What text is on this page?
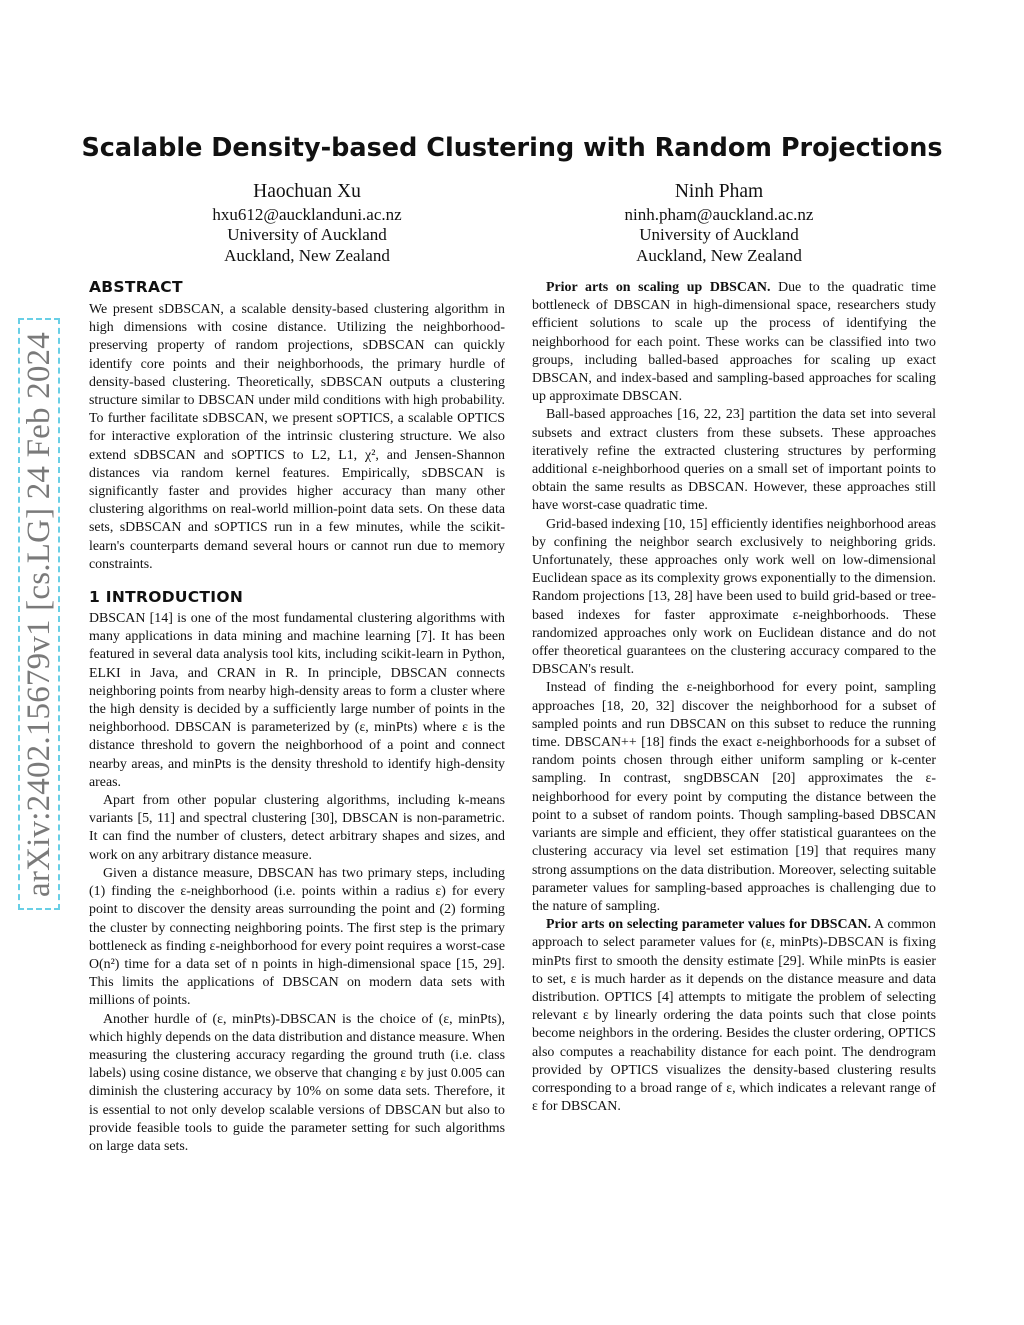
arXiv:2402.15679v1 [cs.LG] 24 Feb 2024
Scalable Density-based Clustering with Random Projections
Haochuan Xu
hxu612@aucklanduni.ac.nz
University of Auckland
Auckland, New Zealand
Ninh Pham
ninh.pham@auckland.ac.nz
University of Auckland
Auckland, New Zealand
ABSTRACT

We present sDBSCAN, a scalable density-based clustering algorithm in high dimensions with cosine distance. Utilizing the neighborhood-preserving property of random projections, sDBSCAN can quickly identify core points and their neighborhoods, the primary hurdle of density-based clustering. Theoretically, sDBSCAN outputs a clustering structure similar to DBSCAN under mild conditions with high probability. To further facilitate sDBSCAN, we present sOPTICS, a scalable OPTICS for interactive exploration of the intrinsic clustering structure. We also extend sDBSCAN and sOPTICS to L2, L1, χ², and Jensen-Shannon distances via random kernel features. Empirically, sDBSCAN is significantly faster and provides higher accuracy than many other clustering algorithms on real-world million-point data sets. On these data sets, sDBSCAN and sOPTICS run in a few minutes, while the scikit-learn's counterparts demand several hours or cannot run due to memory constraints.

1 INTRODUCTION

DBSCAN [14] is one of the most fundamental clustering algorithms with many applications in data mining and machine learning [7]. It has been featured in several data analysis tool kits, including scikit-learn in Python, ELKI in Java, and CRAN in R. In principle, DBSCAN connects neighboring points from nearby high-density areas to form a cluster where the high density is decided by a sufficiently large number of points in the neighborhood. DBSCAN is parameterized by (ε, minPts) where ε is the distance threshold to govern the neighborhood of a point and connect nearby areas, and minPts is the density threshold to identify high-density areas.

Apart from other popular clustering algorithms, including k-means variants [5, 11] and spectral clustering [30], DBSCAN is non-parametric. It can find the number of clusters, detect arbitrary shapes and sizes, and work on any arbitrary distance measure.

Given a distance measure, DBSCAN has two primary steps, including (1) finding the ε-neighborhood (i.e. points within a radius ε) for every point to discover the density areas surrounding the point and (2) forming the cluster by connecting neighboring points. The first step is the primary bottleneck as finding ε-neighborhood for every point requires a worst-case O(n²) time for a data set of n points in high-dimensional space [15, 29]. This limits the applications of DBSCAN on modern data sets with millions of points.

Another hurdle of (ε, minPts)-DBSCAN is the choice of (ε, minPts), which highly depends on the data distribution and distance measure. When measuring the clustering accuracy regarding the ground truth (i.e. class labels) using cosine distance, we observe that changing ε by just 0.005 can diminish the clustering accuracy by 10% on some data sets. Therefore, it is essential to not only develop scalable versions of DBSCAN but also to provide feasible tools to guide the parameter setting for such algorithms on large data sets.

Prior arts on scaling up DBSCAN. Due to the quadratic time bottleneck of DBSCAN in high-dimensional space, researchers study efficient solutions to scale up the process of identifying the neighborhood for each point. These works can be classified into two groups, including balled-based approaches for scaling up exact DBSCAN, and index-based and sampling-based approaches for scaling up approximate DBSCAN.

Ball-based approaches [16, 22, 23] partition the data set into several subsets and extract clusters from these subsets. These approaches iteratively refine the extracted clustering structures by performing additional ε-neighborhood queries on a small set of important points to obtain the same results as DBSCAN. However, these approaches still have worst-case quadratic time.

Grid-based indexing [10, 15] efficiently identifies neighborhood areas by confining the neighbor search exclusively to neighboring grids. Unfortunately, these approaches only work well on low-dimensional Euclidean space as its complexity grows exponentially to the dimension. Random projections [13, 28] have been used to build grid-based or tree-based indexes for faster approximate ε-neighborhoods. These randomized approaches only work on Euclidean distance and do not offer theoretical guarantees on the clustering accuracy compared to the DBSCAN's result.

Instead of finding the ε-neighborhood for every point, sampling approaches [18, 20, 32] discover the neighborhood for a subset of sampled points and run DBSCAN on this subset to reduce the running time. DBSCAN++ [18] finds the exact ε-neighborhoods for a subset of random points chosen through either uniform sampling or k-center sampling. In contrast, sngDBSCAN [20] approximates the ε-neighborhood for every point by computing the distance between the point to a subset of random points. Though sampling-based DBSCAN variants are simple and efficient, they offer statistical guarantees on the clustering accuracy via level set estimation [19] that requires many strong assumptions on the data distribution. Moreover, selecting suitable parameter values for sampling-based approaches is challenging due to the nature of sampling.

Prior arts on selecting parameter values for DBSCAN. A common approach to select parameter values for (ε, minPts)-DBSCAN is fixing minPts first to smooth the density estimate [29]. While minPts is easier to set, ε is much harder as it depends on the distance measure and data distribution. OPTICS [4] attempts to mitigate the problem of selecting relevant ε by linearly ordering the data points such that close points become neighbors in the ordering. Besides the cluster ordering, OPTICS also computes a reachability distance for each point. The dendrogram provided by OPTICS visualizes the density-based clustering results corresponding to a broad range of ε, which indicates a relevant range of ε for DBSCAN.
